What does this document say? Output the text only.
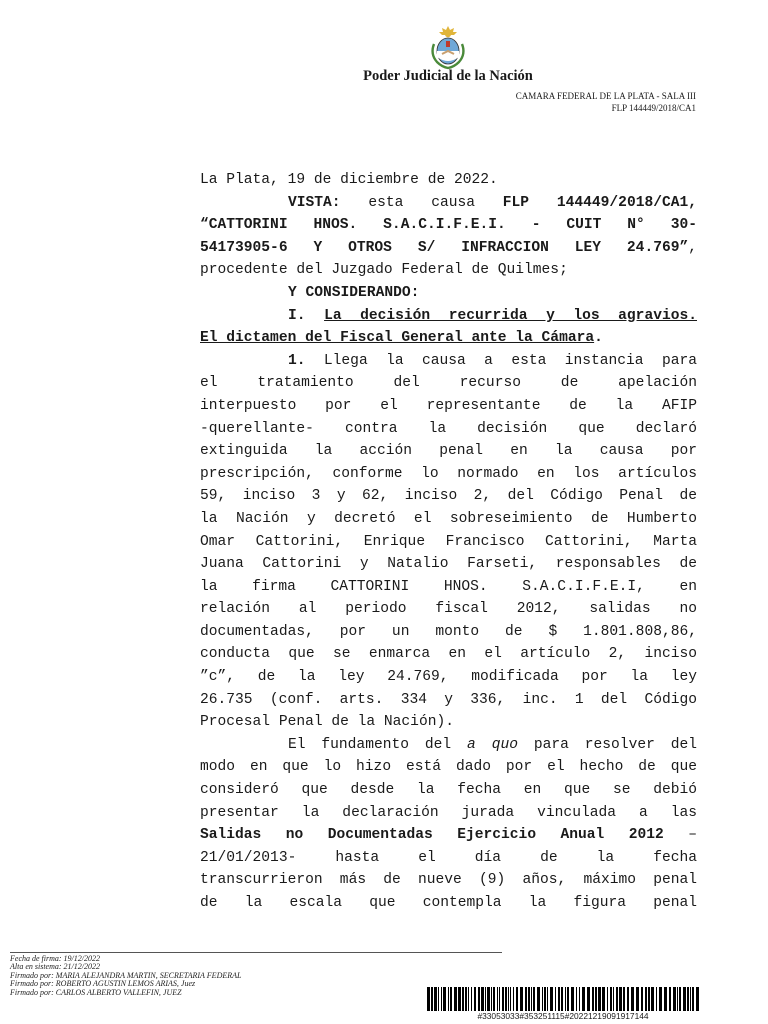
Poder Judicial de la Nación
CAMARA FEDERAL DE LA PLATA - SALA III
FLP 144449/2018/CA1
La Plata, 19 de diciembre de 2022.
VISTA: esta causa FLP 144449/2018/CA1,
“CATTORINI HNOS. S.A.C.I.F.E.I. - CUIT N° 30-
54173905-6 Y OTROS S/ INFRACCION LEY 24.769”,
procedente del Juzgado Federal de Quilmes;
Y CONSIDERANDO:
I. La decisión recurrida y los agravios.
El dictamen del Fiscal General ante la Cámara.
1. Llega la causa a esta instancia para
el tratamiento del recurso de apelación
interpuesto por el representante de la AFIP
-querellante- contra la decisión que declaró
extinguida la acción penal en la causa por
prescripción, conforme lo normado en los artículos
59, inciso 3 y 62, inciso 2, del Código Penal de
la Nación y decretó el sobreseimiento de Humberto
Omar Cattorini, Enrique Francisco Cattorini, Marta
Juana Cattorini y Natalio Farseti, responsables de
la firma CATTORINI HNOS. S.A.C.I.F.E.I, en
relación al periodo fiscal 2012, salidas no
documentadas, por un monto de $ 1.801.808,86,
conducta que se enmarca en el artículo 2, inciso
”c”, de la ley 24.769, modificada por la ley
26.735 (conf. arts. 334 y 336, inc. 1 del Código
Procesal Penal de la Nación).
El fundamento del a quo para resolver del
modo en que lo hizo está dado por el hecho de que
consideró que desde la fecha en que se debió
presentar la declaración jurada vinculada a las
Salidas no Documentadas Ejercicio Anual 2012 –
21/01/2013- hasta el día de la fecha
transcurrieron más de nueve (9) años, máximo penal
de la escala que contempla la figura penal
Fecha de firma: 19/12/2022
Alta en sistema: 21/12/2022
Firmado por: MARIA ALEJANDRA MARTIN, SECRETARIA FEDERAL
Firmado por: ROBERTO AGUSTIN LEMOS ARIAS, Juez
Firmado por: CARLOS ALBERTO VALLEFIN, JUEZ
#33053033#353251115#20221219091917144
